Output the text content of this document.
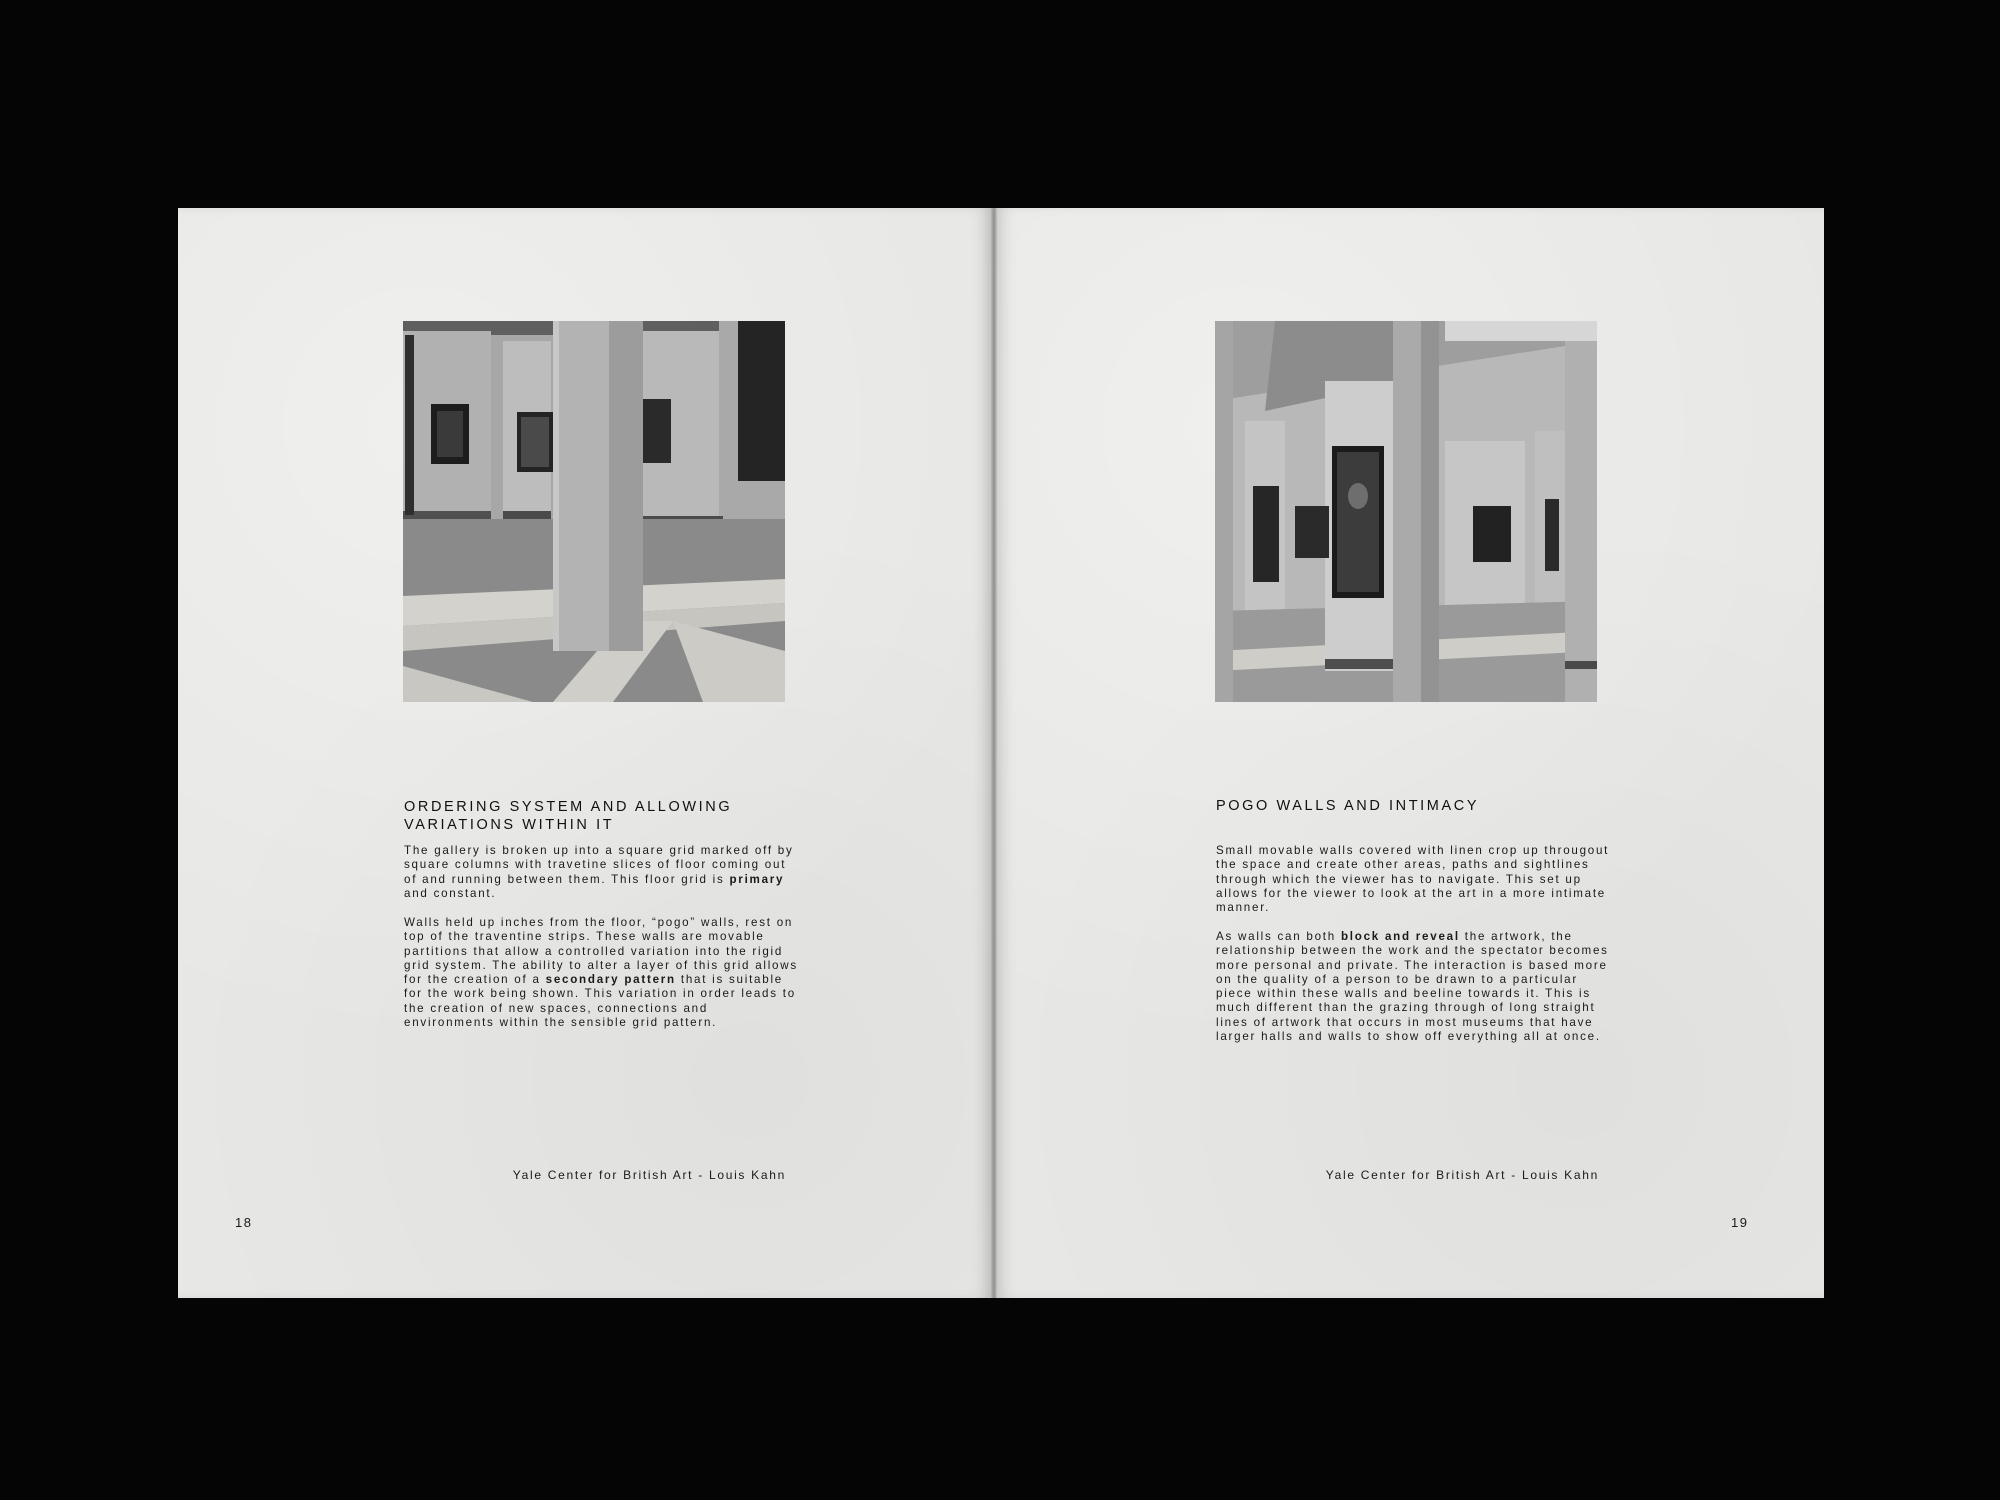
ORDERING SYSTEM AND ALLOWING
VARIATIONS WITHIN IT

The gallery is broken up into a square grid marked off by square columns with travetine slices of floor coming out of and running between them. This floor grid is primary and constant.

Walls held up inches from the floor, “pogo” walls, rest on top of the traventine strips. These walls are movable partitions that allow a controlled variation into the rigid grid system. The ability to alter a layer of this grid allows for the creation of a secondary pattern that is suitable for the work being shown. This variation in order leads to the creation of new spaces, connections and environments within the sensible grid pattern.

Yale Center for British Art - Louis Kahn
18
POGO WALLS AND INTIMACY

Small movable walls covered with linen crop up througout the space and create other areas, paths and sightlines through which the viewer has to navigate. This set up allows for the viewer to look at the art in a more intimate manner.

As walls can both block and reveal the artwork, the relationship between the work and the spectator becomes more personal and private. The interaction is based more on the quality of a person to be drawn to a particular piece within these walls and beeline towards it. This is much different than the grazing through of long straight lines of artwork that occurs in most museums that have larger halls and walls to show off everything all at once.

Yale Center for British Art - Louis Kahn
19
